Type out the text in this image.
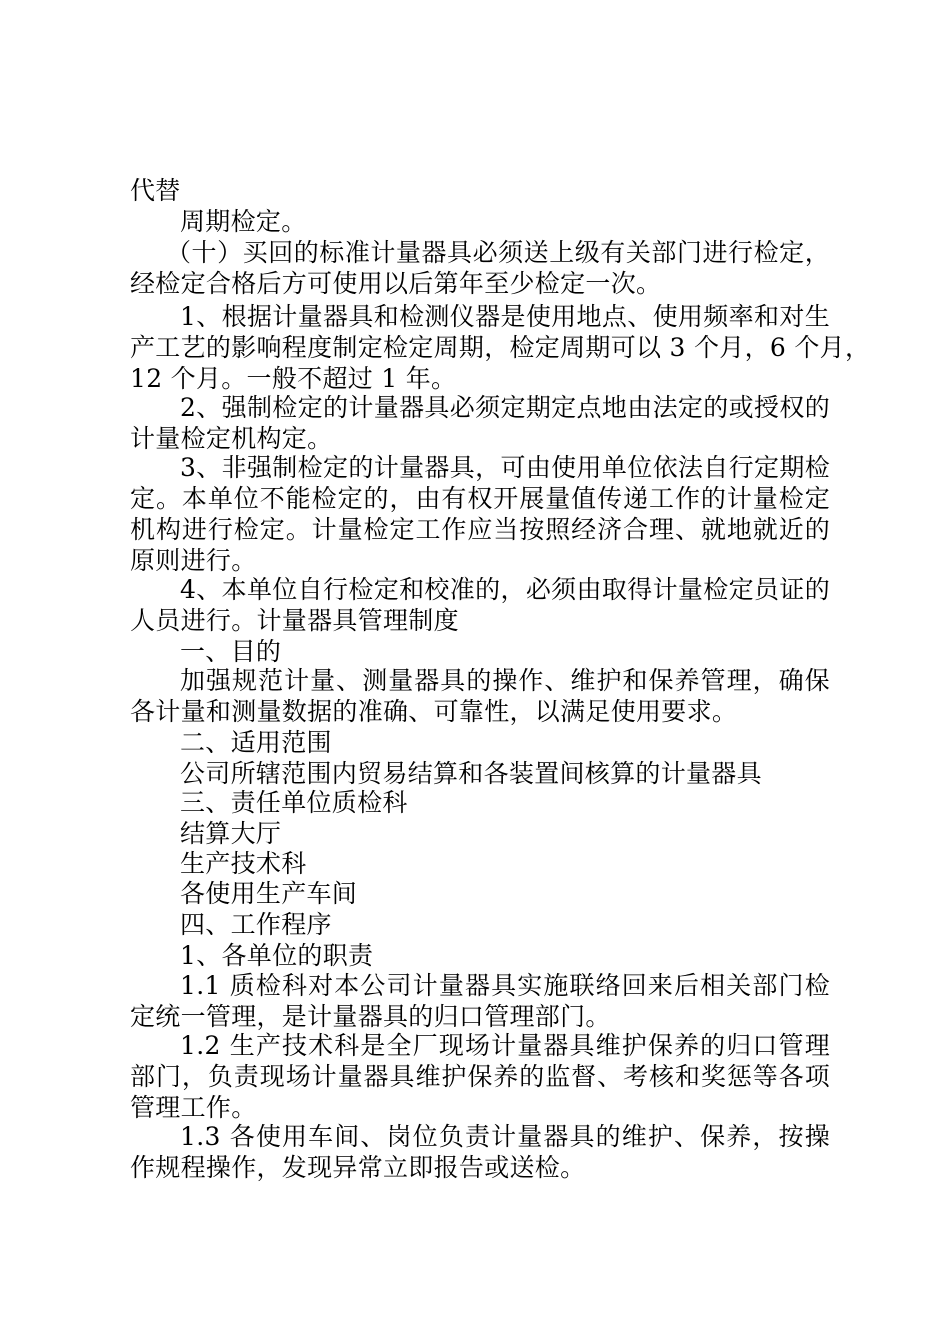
代替
周期检定。
（十）买回的标准计量器具必须送上级有关部门进行检定，
经检定合格后方可使用以后第年至少检定一次。
1、根据计量器具和检测仪器是使用地点、使用频率和对生
产工艺的影响程度制定检定周期，检定周期可以 3 个月，6 个月，
12 个月。一般不超过 1 年。
2、强制检定的计量器具必须定期定点地由法定的或授权的
计量检定机构定。
3、非强制检定的计量器具，可由使用单位依法自行定期检
定。本单位不能检定的，由有权开展量值传递工作的计量检定
机构进行检定。计量检定工作应当按照经济合理、就地就近的
原则进行。
4、本单位自行检定和校准的，必须由取得计量检定员证的
人员进行。计量器具管理制度
一、目的
加强规范计量、测量器具的操作、维护和保养管理，确保
各计量和测量数据的准确、可靠性，以满足使用要求。
二、适用范围
公司所辖范围内贸易结算和各装置间核算的计量器具
三、责任单位质检科
结算大厅
生产技术科
各使用生产车间
四、工作程序
1、各单位的职责
1.1 质检科对本公司计量器具实施联络回来后相关部门检
定统一管理，是计量器具的归口管理部门。
1.2 生产技术科是全厂现场计量器具维护保养的归口管理
部门，负责现场计量器具维护保养的监督、考核和奖惩等各项
管理工作。
1.3 各使用车间、岗位负责计量器具的维护、保养，按操
作规程操作，发现异常立即报告或送检。
